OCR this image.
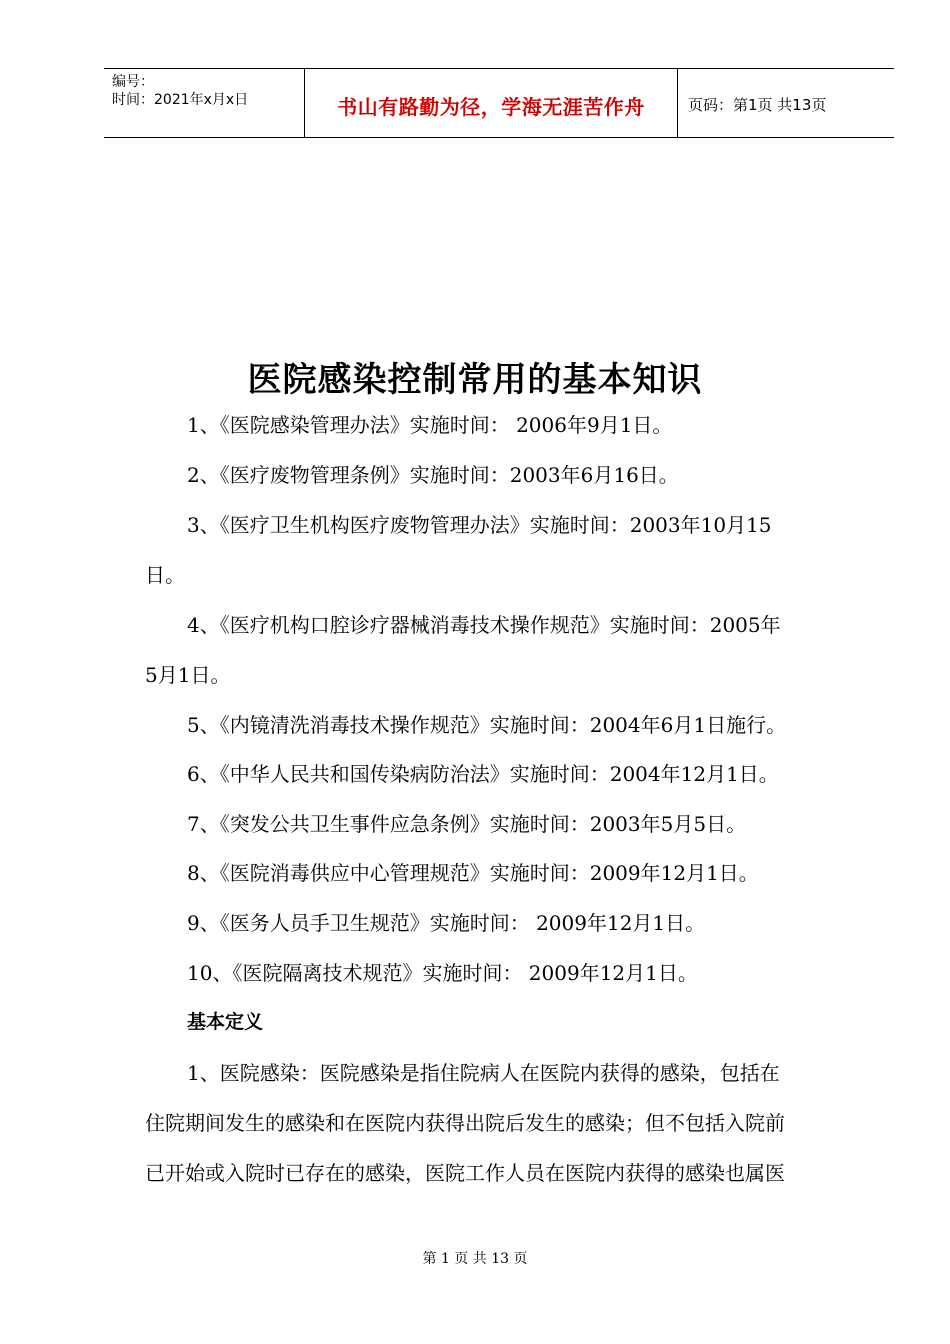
编号：
时间：2021年x月x日	书山有路勤为径，学海无涯苦作舟	页码：第1页 共13页
医院感染控制常用的基本知识
1、《医院感染管理办法》实施时间： 2006年9月1日。
2、《医疗废物管理条例》实施时间：2003年6月16日。
3、《医疗卫生机构医疗废物管理办法》实施时间：2003年10月15
日。
4、《医疗机构口腔诊疗器械消毒技术操作规范》实施时间：2005年
5月1日。
5、《内镜清洗消毒技术操作规范》实施时间：2004年6月1日施行。
6、《中华人民共和国传染病防治法》实施时间：2004年12月1日。
7、《突发公共卫生事件应急条例》实施时间：2003年5月5日。
8、《医院消毒供应中心管理规范》实施时间：2009年12月1日。
9、《医务人员手卫生规范》实施时间： 2009年12月1日。
10、《医院隔离技术规范》实施时间： 2009年12月1日。
基本定义
1、医院感染：医院感染是指住院病人在医院内获得的感染，包括在
住院期间发生的感染和在医院内获得出院后发生的感染；但不包括入院前
已开始或入院时已存在的感染，医院工作人员在医院内获得的感染也属医
第 1 页 共 13 页
